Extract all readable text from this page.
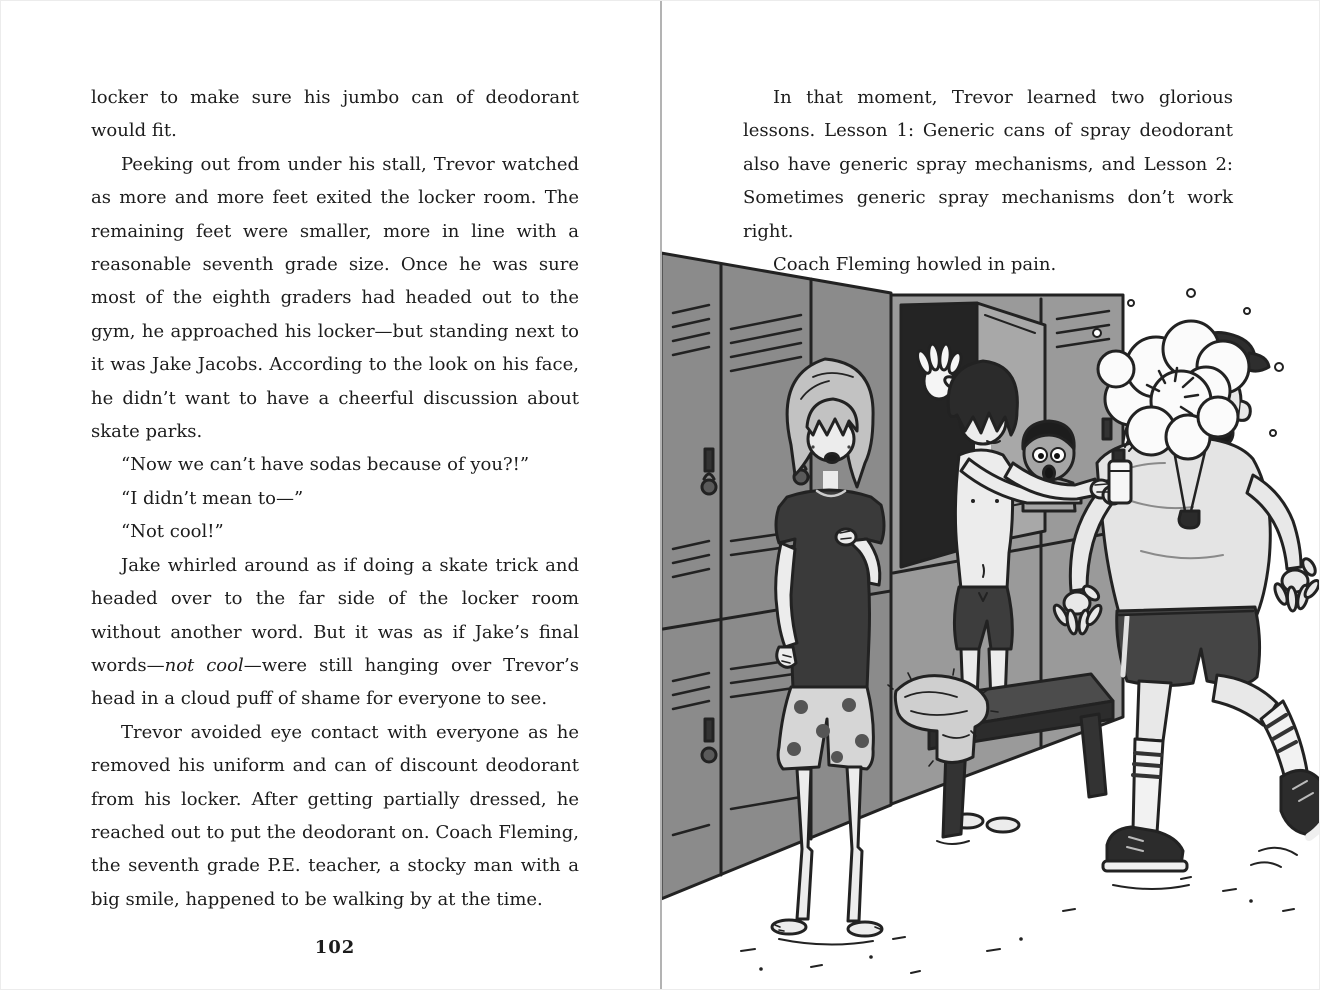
locker to make sure his jumbo can of deodorant would fit.

Peeking out from under his stall, Trevor watched as more and more feet exited the locker room. The remaining feet were smaller, more in line with a reasonable seventh grade size. Once he was sure most of the eighth graders had headed out to the gym, he approached his locker—but standing next to it was Jake Jacobs. According to the look on his face, he didn’t want to have a cheerful discussion about skate parks.

“Now we can’t have sodas because of you?!”

“I didn’t mean to—”

“Not cool!”

Jake whirled around as if doing a skate trick and headed over to the far side of the locker room without another word. But it was as if Jake’s final words—not cool—were still hanging over Trevor’s head in a cloud puff of shame for everyone to see.

Trevor avoided eye contact with everyone as he removed his uniform and can of discount deodorant from his locker. After getting partially dressed, he reached out to put the deodorant on. Coach Fleming, the seventh grade P.E. teacher, a stocky man with a big smile, happened to be walking by at the time.

102

In that moment, Trevor learned two glorious lessons. Lesson 1: Generic cans of spray deodorant also have generic spray mechanisms, and Lesson 2: Sometimes generic spray mechanisms don’t work right.

Coach Fleming howled in pain.
